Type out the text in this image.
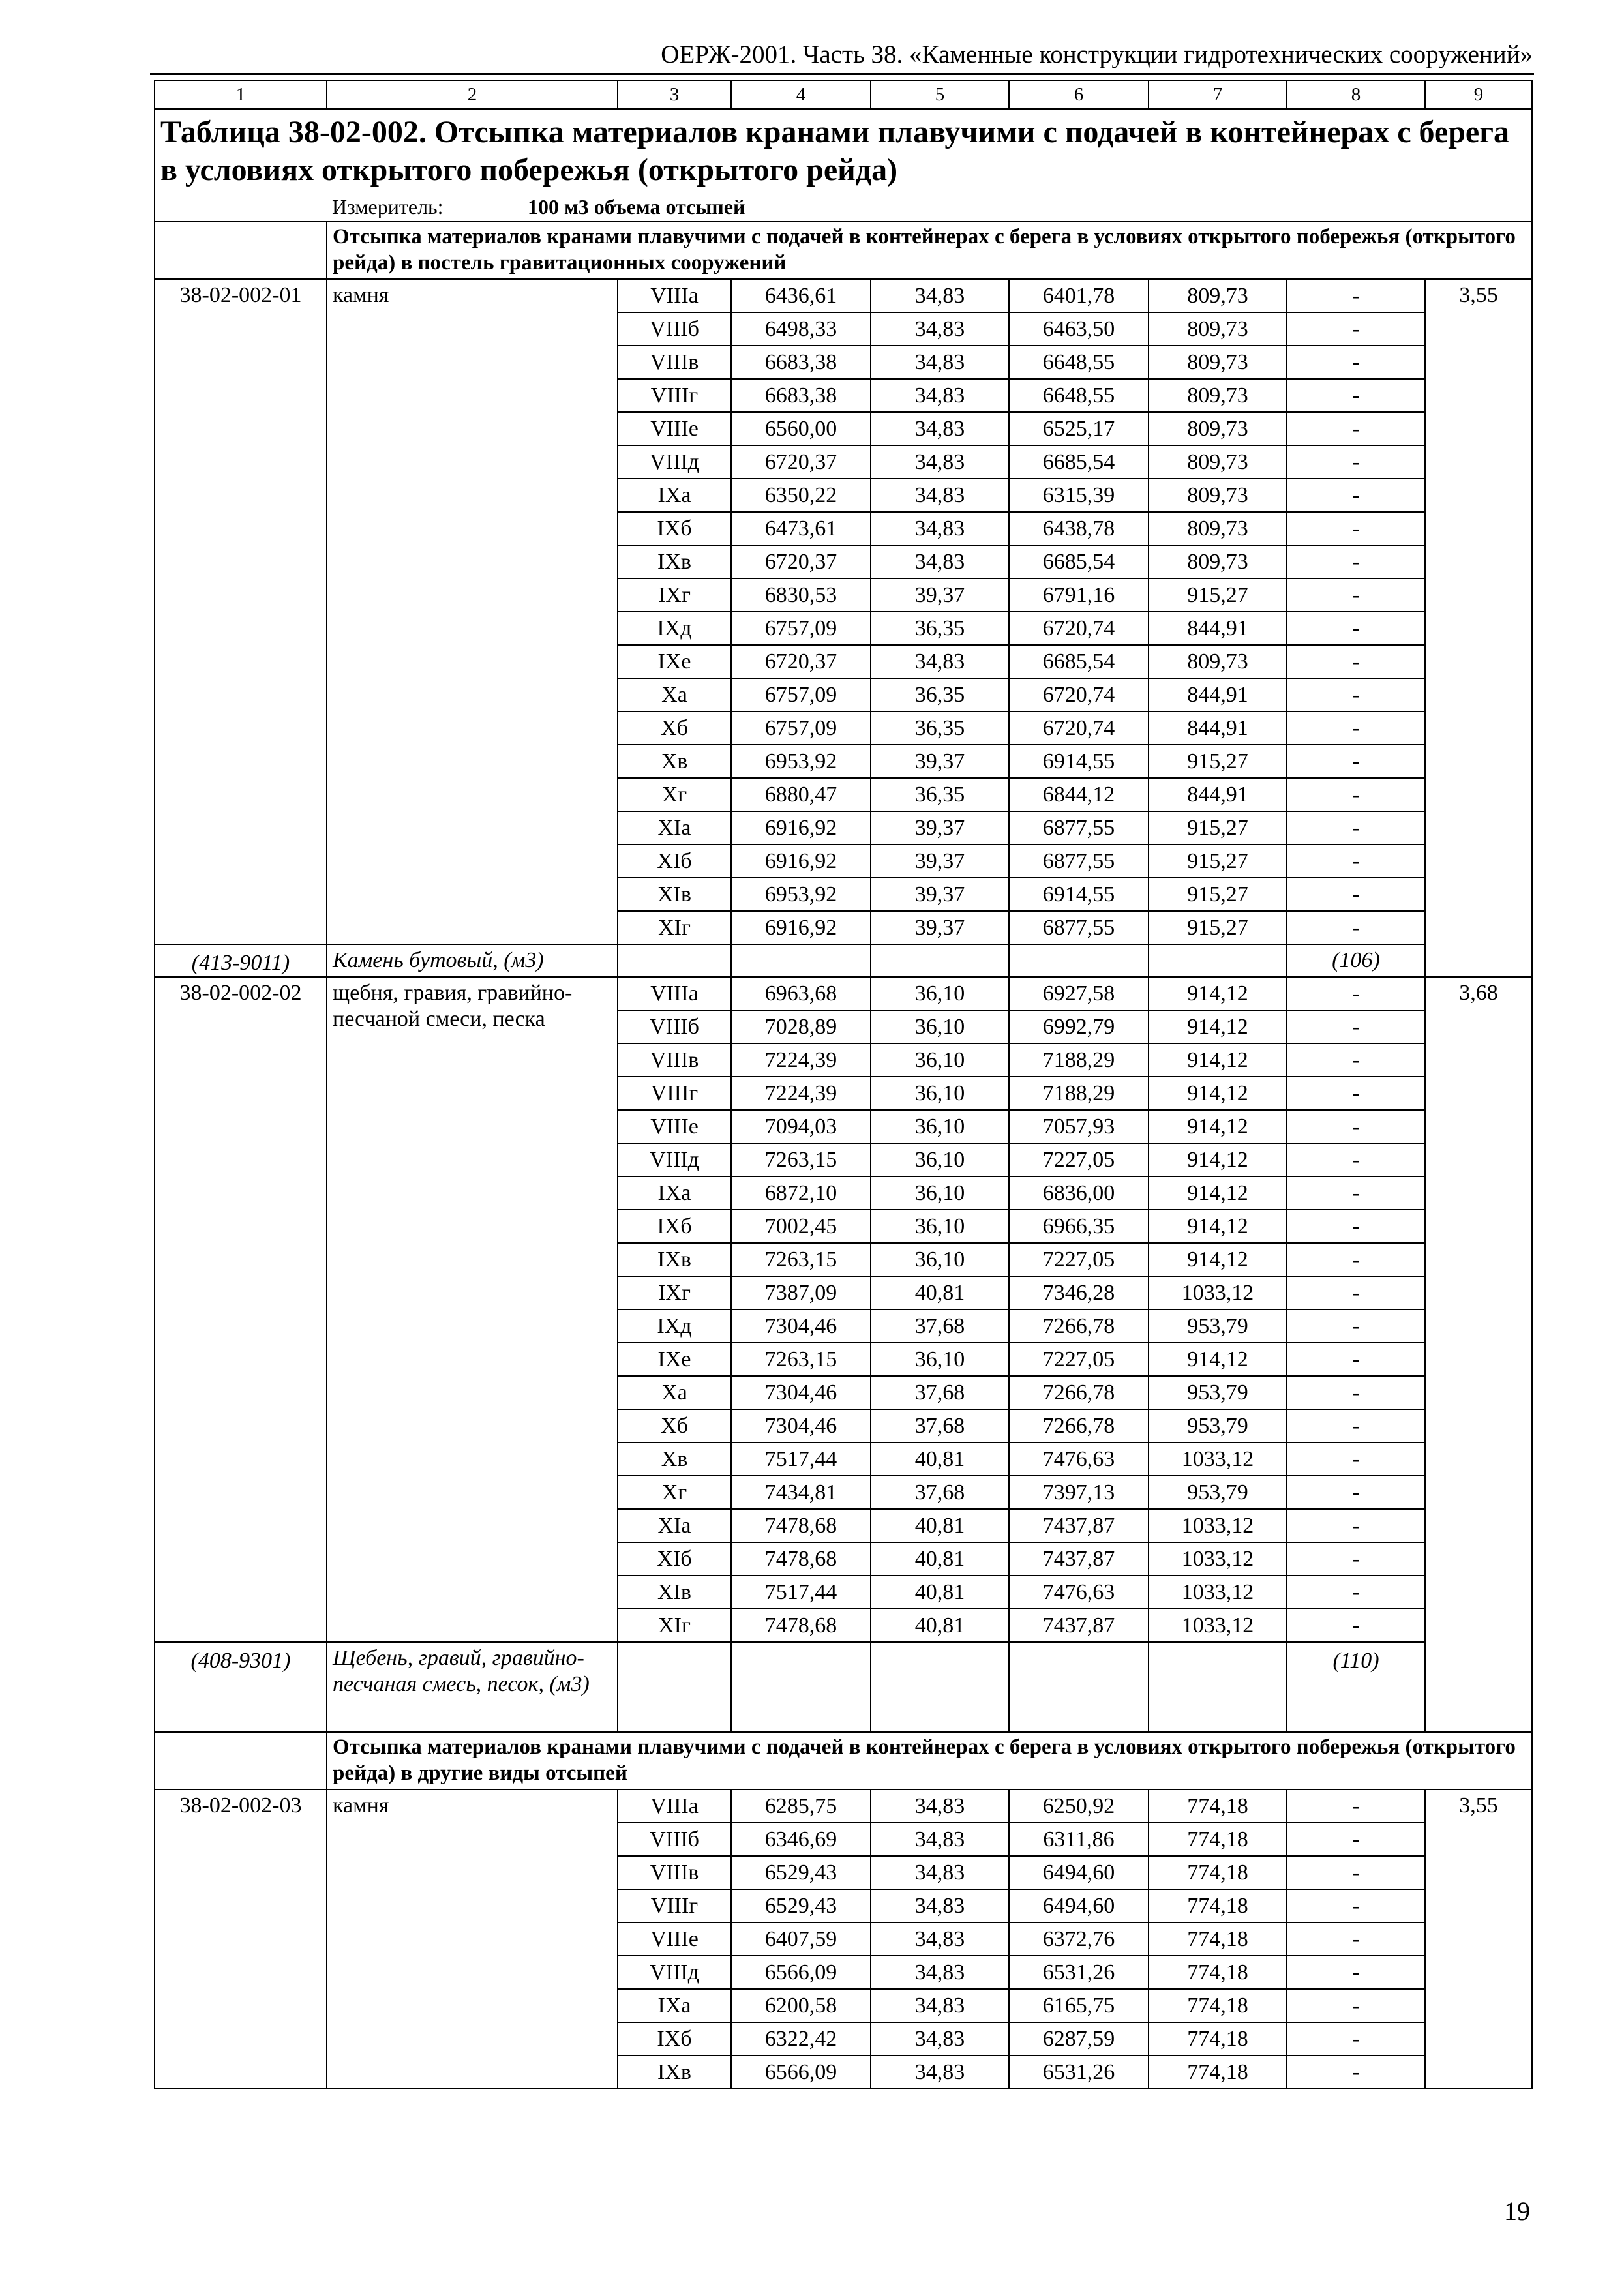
ОЕРЖ-2001. Часть 38. «Каменные конструкции гидротехнических сооружений»
1	2	3	4	5	6	7	8	9
Таблица 38-02-002. Отсыпка материалов кранами плавучими с подачей в контейнерах с берега в условиях открытого побережья (открытого рейда)								
	Измеритель: 100 м3 объема отсыпей							
	Отсыпка материалов кранами плавучими с подачей в контейнерах с берега в условиях открытого побережья (открытого рейда) в постель гравитационных сооружений							
38-02-002-01	камня	VIIIа	6436,61	34,83	6401,78	809,73	-	3,55
		VIIIб	6498,33	34,83	6463,50	809,73	-	
		VIIIв	6683,38	34,83	6648,55	809,73	-	
		VIIIг	6683,38	34,83	6648,55	809,73	-	
		VIIIе	6560,00	34,83	6525,17	809,73	-	
		VIIIд	6720,37	34,83	6685,54	809,73	-	
		IXа	6350,22	34,83	6315,39	809,73	-	
		IXб	6473,61	34,83	6438,78	809,73	-	
		IXв	6720,37	34,83	6685,54	809,73	-	
		IXг	6830,53	39,37	6791,16	915,27	-	
		IXд	6757,09	36,35	6720,74	844,91	-	
		IXе	6720,37	34,83	6685,54	809,73	-	
		Xа	6757,09	36,35	6720,74	844,91	-	
		Xб	6757,09	36,35	6720,74	844,91	-	
		Xв	6953,92	39,37	6914,55	915,27	-	
		Xг	6880,47	36,35	6844,12	844,91	-	
		XIа	6916,92	39,37	6877,55	915,27	-	
		XIб	6916,92	39,37	6877,55	915,27	-	
		XIв	6953,92	39,37	6914,55	915,27	-	
		XIг	6916,92	39,37	6877,55	915,27	-	
(413-9011)	Камень бутовый, (м3)						(106)	
38-02-002-02	щебня, гравия, гравийно-песчаной смеси, песка	VIIIа	6963,68	36,10	6927,58	914,12	-	3,68
		VIIIб	7028,89	36,10	6992,79	914,12	-	
		VIIIв	7224,39	36,10	7188,29	914,12	-	
		VIIIг	7224,39	36,10	7188,29	914,12	-	
		VIIIе	7094,03	36,10	7057,93	914,12	-	
		VIIIд	7263,15	36,10	7227,05	914,12	-	
		IXа	6872,10	36,10	6836,00	914,12	-	
		IXб	7002,45	36,10	6966,35	914,12	-	
		IXв	7263,15	36,10	7227,05	914,12	-	
		IXг	7387,09	40,81	7346,28	1033,12	-	
		IXд	7304,46	37,68	7266,78	953,79	-	
		IXе	7263,15	36,10	7227,05	914,12	-	
		Xа	7304,46	37,68	7266,78	953,79	-	
		Xб	7304,46	37,68	7266,78	953,79	-	
		Xв	7517,44	40,81	7476,63	1033,12	-	
		Xг	7434,81	37,68	7397,13	953,79	-	
		XIа	7478,68	40,81	7437,87	1033,12	-	
		XIб	7478,68	40,81	7437,87	1033,12	-	
		XIв	7517,44	40,81	7476,63	1033,12	-	
		XIг	7478,68	40,81	7437,87	1033,12	-	
(408-9301)	Щебень, гравий, гравийно-песчаная смесь, песок, (м3)						(110)	
	Отсыпка материалов кранами плавучими с подачей в контейнерах с берега в условиях открытого побережья (открытого рейда) в другие виды отсыпей							
38-02-002-03	камня	VIIIа	6285,75	34,83	6250,92	774,18	-	3,55
		VIIIб	6346,69	34,83	6311,86	774,18	-	
		VIIIв	6529,43	34,83	6494,60	774,18	-	
		VIIIг	6529,43	34,83	6494,60	774,18	-	
		VIIIе	6407,59	34,83	6372,76	774,18	-	
		VIIIд	6566,09	34,83	6531,26	774,18	-	
		IXа	6200,58	34,83	6165,75	774,18	-	
		IXб	6322,42	34,83	6287,59	774,18	-	
		IXв	6566,09	34,83	6531,26	774,18	-	
19
